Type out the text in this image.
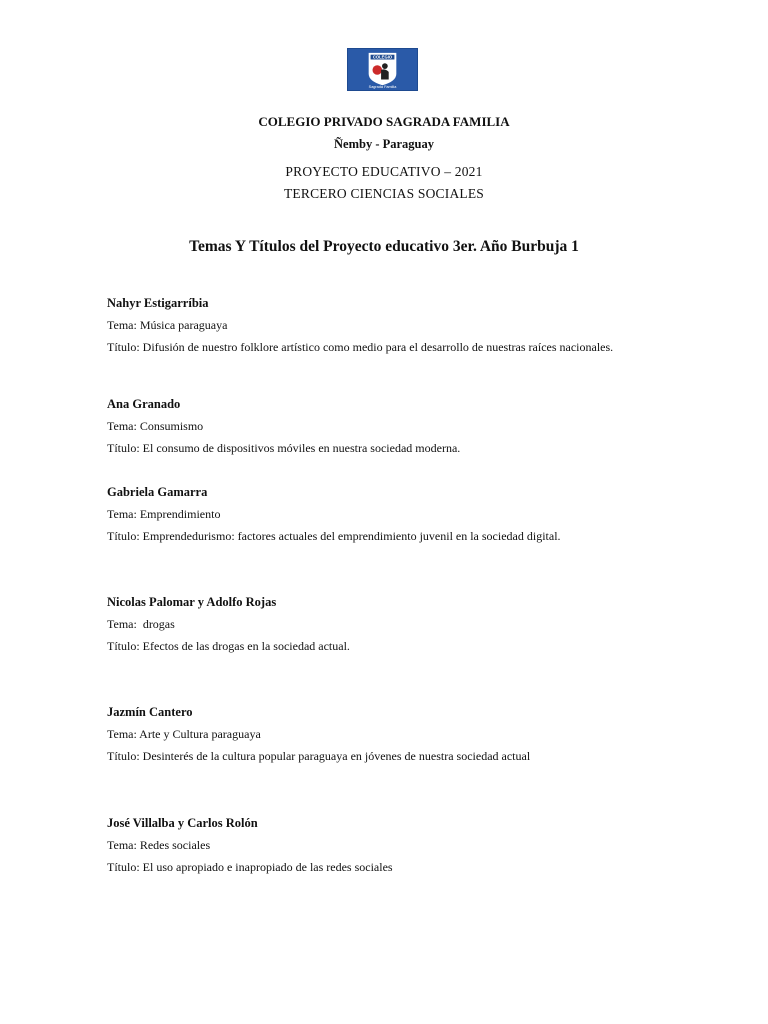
COLEGIO
Sagrada Familia
COLEGIO PRIVADO SAGRADA FAMILIA
Ñemby - Paraguay
PROYECTO EDUCATIVO – 2021
TERCERO CIENCIAS SOCIALES
Temas Y Títulos del Proyecto educativo 3er. Año Burbuja 1
Nahyr Estigarríbia
Tema: Música paraguaya
Título: Difusión de nuestro folklore artístico como medio para el desarrollo de nuestras raíces nacionales.
Ana Granado
Tema: Consumismo
Título: El consumo de dispositivos móviles en nuestra sociedad moderna.
Gabriela Gamarra
Tema: Emprendimiento
Título: Emprendedurismo: factores actuales del emprendimiento juvenil en la sociedad digital.
Nicolas Palomar y Adolfo Rojas
Tema:  drogas
Título: Efectos de las drogas en la sociedad actual.
Jazmín Cantero
Tema: Arte y Cultura paraguaya
Título: Desinterés de la cultura popular paraguaya en jóvenes de nuestra sociedad actual
José Villalba y Carlos Rolón
Tema: Redes sociales
Título: El uso apropiado e inapropiado de las redes sociales
